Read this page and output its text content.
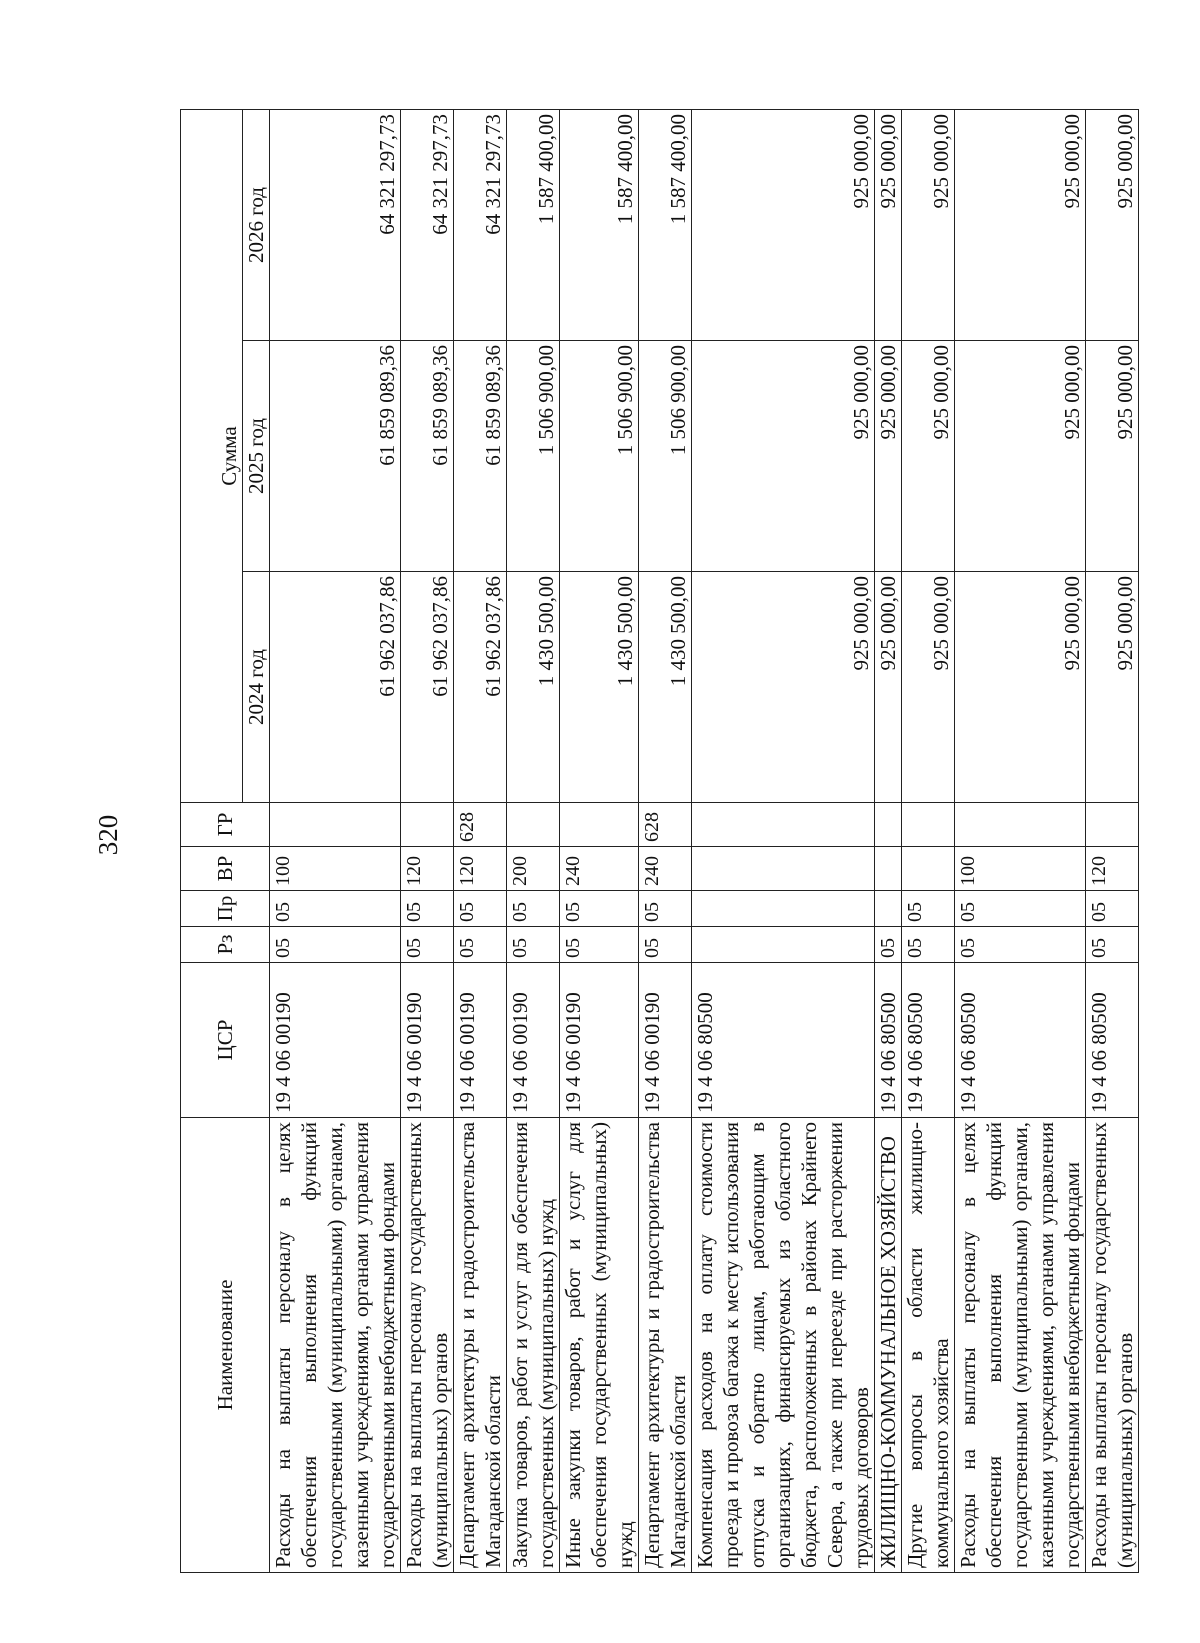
320
Наименование	ЦСР	Рз	Пр	ВР	ГР	Сумма		
						2024 год	2025 год	2026 год
Расходы на выплаты персоналу в целях обеспечения выполнения функций государственными (муниципальными) органами, казенными учреждениями, органами управления государственными внебюджетными фондами	19 4 06 00190	05	05	100		61 962 037,86	61 859 089,36	64 321 297,73
Расходы на выплаты персоналу государственных (муниципальных) органов	19 4 06 00190	05	05	120		61 962 037,86	61 859 089,36	64 321 297,73
Департамент архитектуры и градостроительства Магаданской области	19 4 06 00190	05	05	120	628	61 962 037,86	61 859 089,36	64 321 297,73
Закупка товаров, работ и услуг для обеспечения государственных (муниципальных) нужд	19 4 06 00190	05	05	200		1 430 500,00	1 506 900,00	1 587 400,00
Иные закупки товаров, работ и услуг для обеспечения государственных (муниципальных) нужд	19 4 06 00190	05	05	240		1 430 500,00	1 506 900,00	1 587 400,00
Департамент архитектуры и градостроительства Магаданской области	19 4 06 00190	05	05	240	628	1 430 500,00	1 506 900,00	1 587 400,00
Компенсация расходов на оплату стоимости проезда и провоза багажа к месту использования отпуска и обратно лицам, работающим в организациях, финансируемых из областного бюджета, расположенных в районах Крайнего Севера, а также при переезде при расторжении трудовых договоров	19 4 06 80500					925 000,00	925 000,00	925 000,00
ЖИЛИЩНО-КОММУНАЛЬНОЕ ХОЗЯЙСТВО	19 4 06 80500	05				925 000,00	925 000,00	925 000,00
Другие вопросы в области жилищно-коммунального хозяйства	19 4 06 80500	05	05			925 000,00	925 000,00	925 000,00
Расходы на выплаты персоналу в целях обеспечения выполнения функций государственными (муниципальными) органами, казенными учреждениями, органами управления государственными внебюджетными фондами	19 4 06 80500	05	05	100		925 000,00	925 000,00	925 000,00
Расходы на выплаты персоналу государственных (муниципальных) органов	19 4 06 80500	05	05	120		925 000,00	925 000,00	925 000,00
